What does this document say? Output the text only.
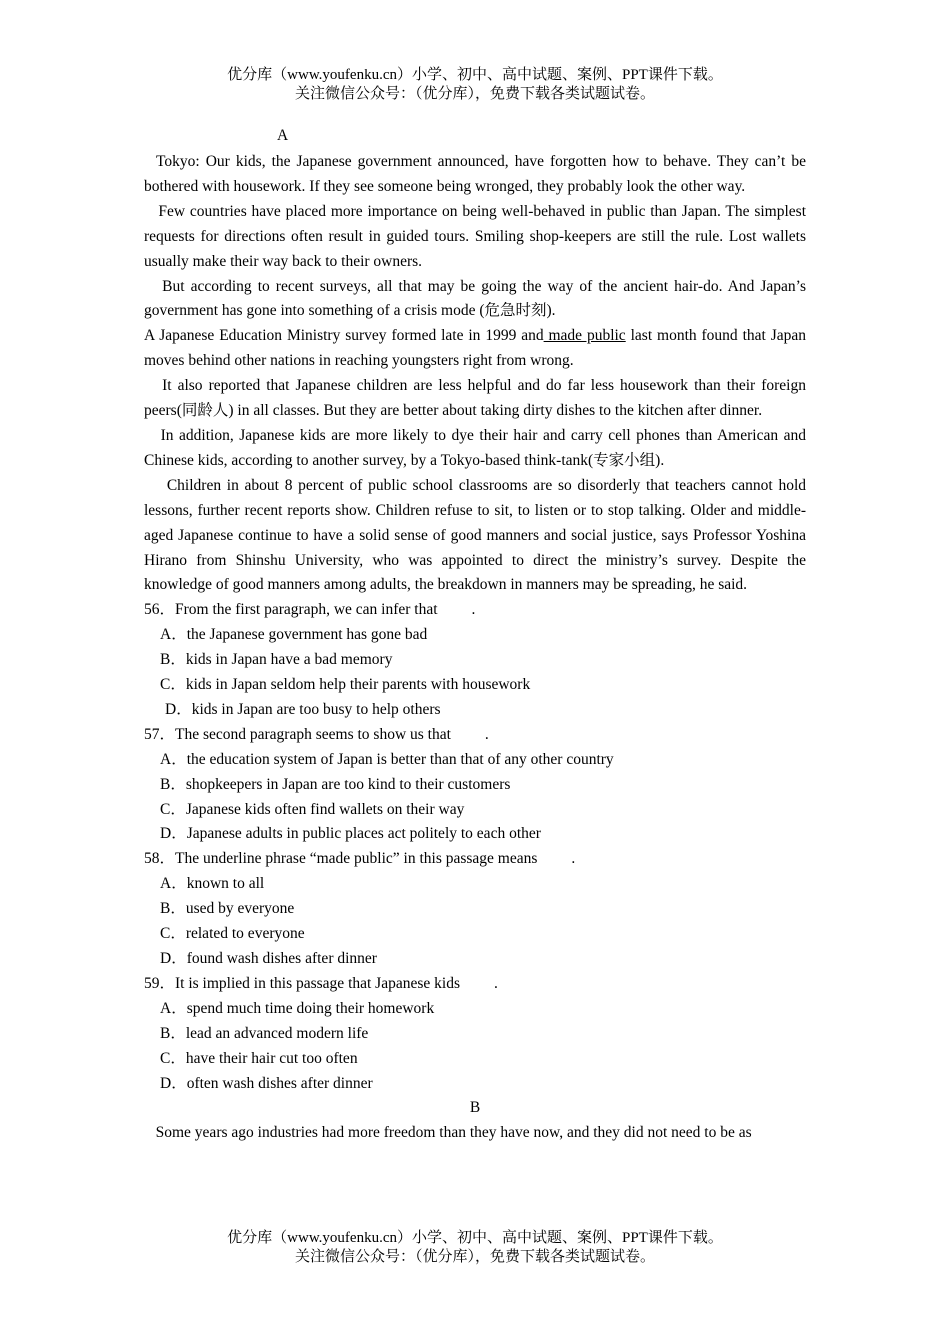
优分库（www.youfenku.cn）小学、初中、高中试题、案例、PPT课件下载。
关注微信公众号：（优分库），免费下载各类试题试卷。
A

Tokyo: Our kids, the Japanese government announced, have forgotten how to behave. They can’t be bothered with housework. If they see someone being wronged, they probably look the other way.

Few countries have placed more importance on being well-behaved in public than Japan. The simplest requests for directions often result in guided tours. Smiling shop-keepers are still the rule. Lost wallets usually make their way back to their owners.

But according to recent surveys, all that may be going the way of the ancient hair-do. And Japan’s government has gone into something of a crisis mode (危急时刻).

A Japanese Education Ministry survey formed late in 1999 and made public last month found that Japan moves behind other nations in reaching youngsters right from wrong.

It also reported that Japanese children are less helpful and do far less housework than their foreign peers(同龄人) in all classes. But they are better about taking dirty dishes to the kitchen after dinner.

In addition, Japanese kids are more likely to dye their hair and carry cell phones than American and Chinese kids, according to another survey, by a Tokyo-based think-tank(专家小组).

Children in about 8 percent of public school classrooms are so disorderly that teachers cannot hold lessons, further recent reports show. Children refuse to sit, to listen or to stop talking. Older and middle-aged Japanese continue to have a solid sense of good manners and social justice, says Professor Yoshina Hirano from Shinshu University, who was appointed to direct the ministry’s survey. Despite the knowledge of good manners among adults, the breakdown in manners may be spreading, he said.

56．From the first paragraph, we can infer that .

A．the Japanese government has gone bad

B．kids in Japan have a bad memory

C．kids in Japan seldom help their parents with housework

D．kids in Japan are too busy to help others

57．The second paragraph seems to show us that .

A．the education system of Japan is better than that of any other country

B．shopkeepers in Japan are too kind to their customers

C．Japanese kids often find wallets on their way

D．Japanese adults in public places act politely to each other

58．The underline phrase “made public” in this passage means .

A．known to all

B．used by everyone

C．related to everyone

D．found wash dishes after dinner

59．It is implied in this passage that Japanese kids .

A．spend much time doing their homework

B．lead an advanced modern life

C．have their hair cut too often

D．often wash dishes after dinner

B

Some years ago industries had more freedom than they have now, and they did not need to be as

优分库（www.youfenku.cn）小学、初中、高中试题、案例、PPT课件下载。
关注微信公众号：（优分库），免费下载各类试题试卷。
